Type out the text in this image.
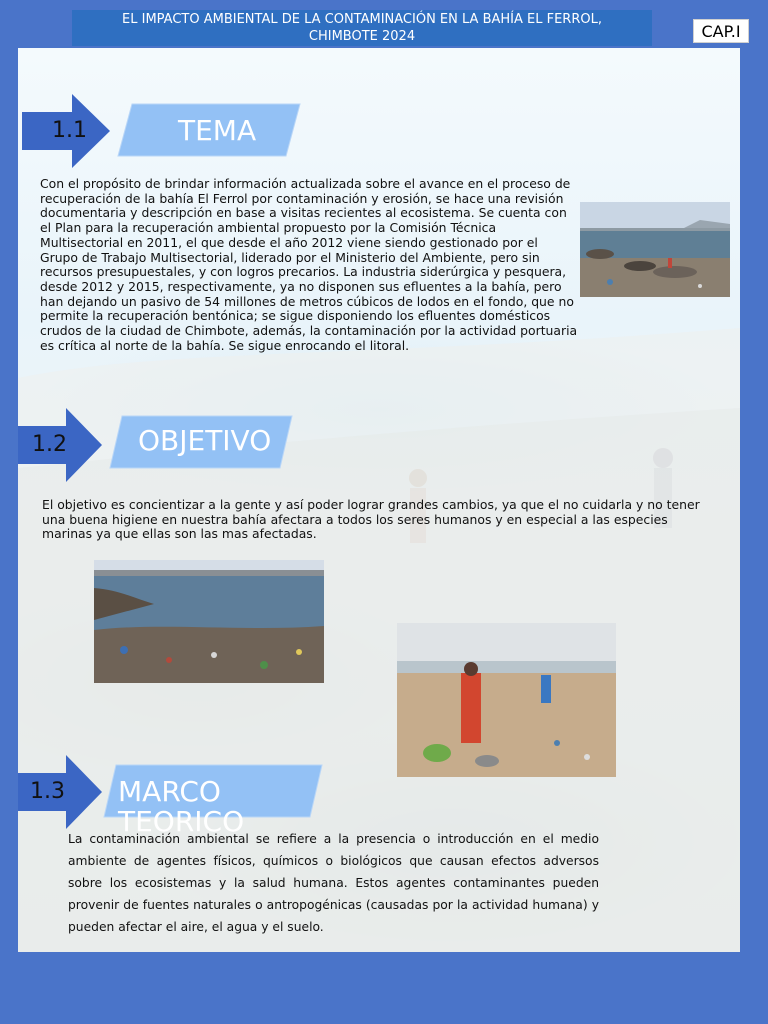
EL IMPACTO AMBIENTAL DE LA CONTAMINACIÓN EN LA BAHÍA EL FERROL,
CHIMBOTE 2024	CAP.I
1.1	TEMA
Con el propósito de brindar información actualizada sobre el avance en el proceso de recuperación de la bahía El Ferrol por contaminación y erosión, se hace una revisión documentaria y descripción en base a visitas recientes al ecosistema. Se cuenta con el Plan para la recuperación ambiental propuesto por la Comisión Técnica Multisectorial en 2011, el que desde el año 2012 viene siendo gestionado por el Grupo de Trabajo Multisectorial, liderado por el Ministerio del Ambiente, pero sin recursos presupuestales, y con logros precarios. La industria siderúrgica y pesquera, desde 2012 y 2015, respectivamente, ya no disponen sus efluentes a la bahía, pero han dejando un pasivo de 54 millones de metros cúbicos de lodos en el fondo, que no permite la recuperación bentónica; se sigue disponiendo los efluentes domésticos crudos de la ciudad de Chimbote, además, la contaminación por la actividad portuaria es crítica al norte de la bahía. Se sigue enrocando el litoral.
1.2	OBJETIVO
El objetivo es concientizar a la gente y así poder lograr grandes cambios, ya que el no cuidarla y no tener una buena higiene en nuestra bahía afectara a todos los seres humanos y en especial a las especies marinas ya que ellas son las mas afectadas.
1.3 MARCO
TEORICO
La contaminación ambiental se refiere a la presencia o introducción en el medio ambiente de agentes físicos, químicos o biológicos que causan efectos adversos sobre los ecosistemas y la salud humana. Estos agentes contaminantes pueden provenir de fuentes naturales o antropogénicas (causadas por la actividad humana) y pueden afectar el aire, el agua y el suelo.
